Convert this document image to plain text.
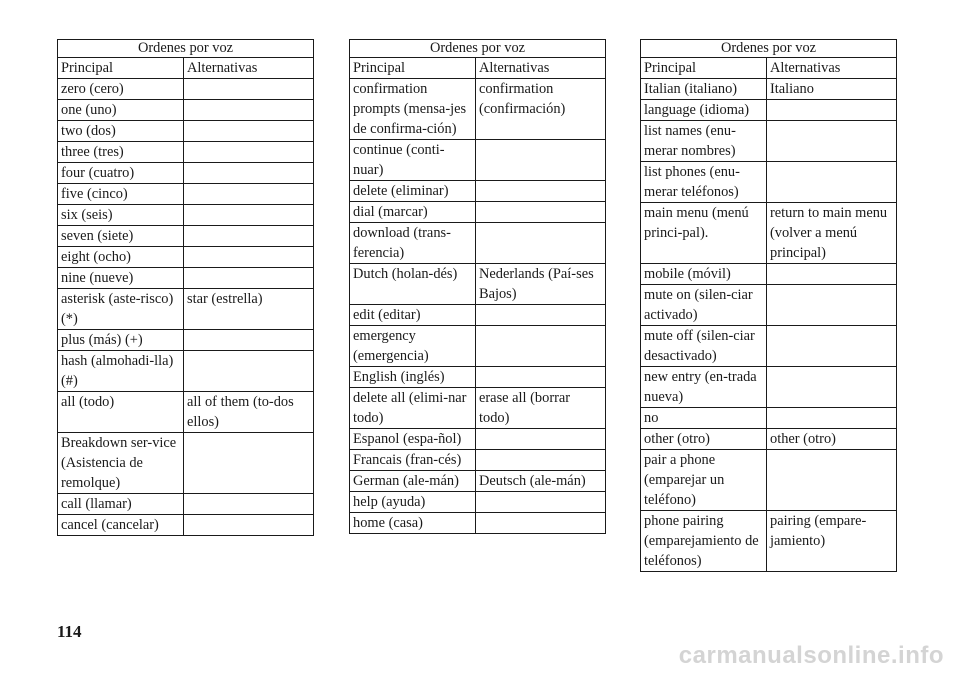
Ordenes por voz	
Principal	Alternativas
zero (cero)	
one (uno)	
two (dos)	
three (tres)	
four (cuatro)	
five (cinco)	
six (seis)	
seven (siete)	
eight (ocho)	
nine (nueve)	
asterisk (aste-risco) (*)	star (estrella)
plus (más) (+)	
hash (almohadi-lla) (#)	
all (todo)	all of them (to-dos ellos)
Breakdown ser-vice (Asistencia de remolque)	
call (llamar)	
cancel (cancelar)	
Ordenes por voz	
Principal	Alternativas
confirmation prompts (mensa-jes de confirma-ción)	confirmation (confirmación)
continue (conti-nuar)	
delete (eliminar)	
dial (marcar)	
download (trans-ferencia)	
Dutch (holan-dés)	Nederlands (Paí-ses Bajos)
edit (editar)	
emergency (emergencia)	
English (inglés)	
delete all (elimi-nar todo)	erase all (borrar todo)
Espanol (espa-ñol)	
Francais (fran-cés)	
German (ale-mán)	Deutsch (ale-mán)
help (ayuda)	
home (casa)	
Ordenes por voz	
Principal	Alternativas
Italian (italiano)	Italiano
language (idioma)	
list names (enu-merar nombres)	
list phones (enu-merar teléfonos)	
main menu (menú princi-pal).	return to main menu (volver a menú principal)
mobile (móvil)	
mute on (silen-ciar activado)	
mute off (silen-ciar desactivado)	
new entry (en-trada nueva)	
no	
other (otro)	other (otro)
pair a phone (emparejar un teléfono)	
phone pairing (emparejamiento de teléfonos)	pairing (empare-jamiento)
114
carmanualsonline.info
